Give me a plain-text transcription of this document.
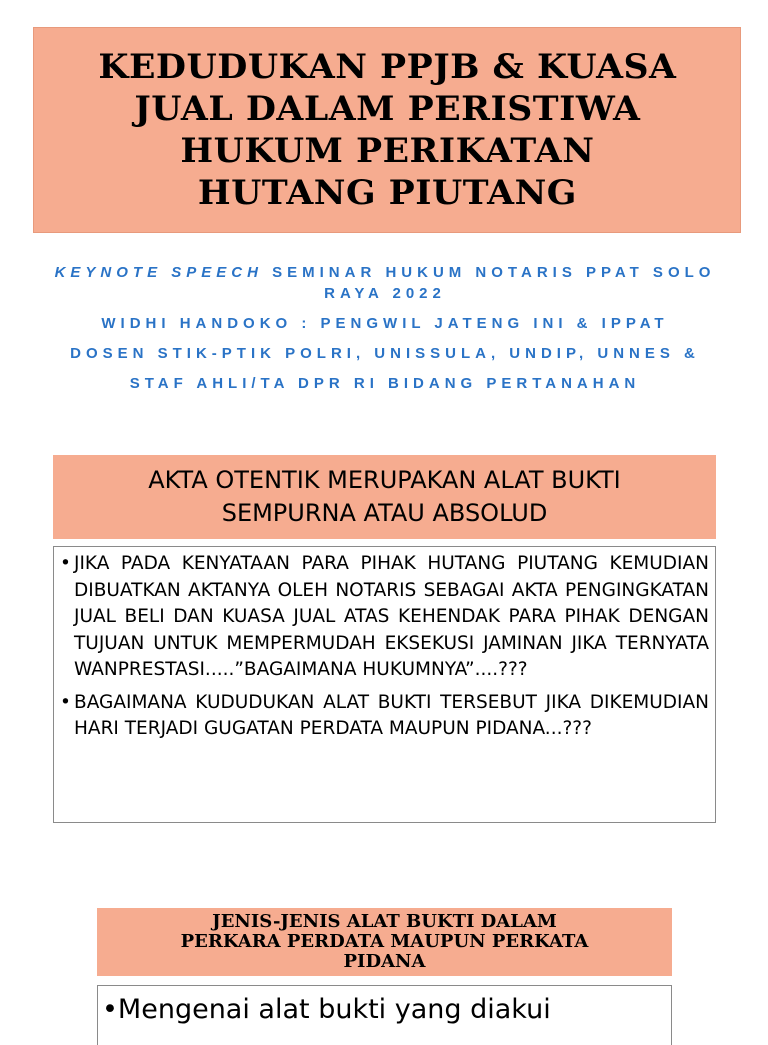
KEDUDUKAN PPJB & KUASA
JUAL DALAM PERISTIWA
HUKUM PERIKATAN
HUTANG PIUTANG
KEYNOTE SPEECH SEMINAR HUKUM NOTARIS PPAT SOLO RAYA 2022
WIDHI HANDOKO : PENGWIL JATENG INI & IPPAT
DOSEN STIK-PTIK POLRI, UNISSULA, UNDIP, UNNES &
STAF AHLI/TA DPR RI BIDANG PERTANAHAN
AKTA OTENTIK MERUPAKAN ALAT BUKTI
SEMPURNA ATAU ABSOLUD
• JIKA PADA KENYATAAN PARA PIHAK HUTANG PIUTANG KEMUDIAN DIBUATKAN AKTANYA OLEH NOTARIS SEBAGAI AKTA PENGINGKATAN JUAL BELI DAN KUASA JUAL ATAS KEHENDAK PARA PIHAK DENGAN TUJUAN UNTUK MEMPERMUDAH EKSEKUSI JAMINAN JIKA TERNYATA WANPRESTASI.....”BAGAIMANA HUKUMNYA”....???
• BAGAIMANA KUDUDUKAN ALAT BUKTI TERSEBUT JIKA DIKEMUDIAN HARI TERJADI GUGATAN PERDATA MAUPUN PIDANA...???
JENIS-JENIS ALAT BUKTI DALAM
PERKARA PERDATA MAUPUN PERKATA
PIDANA
•Mengenai alat bukti yang diakui
